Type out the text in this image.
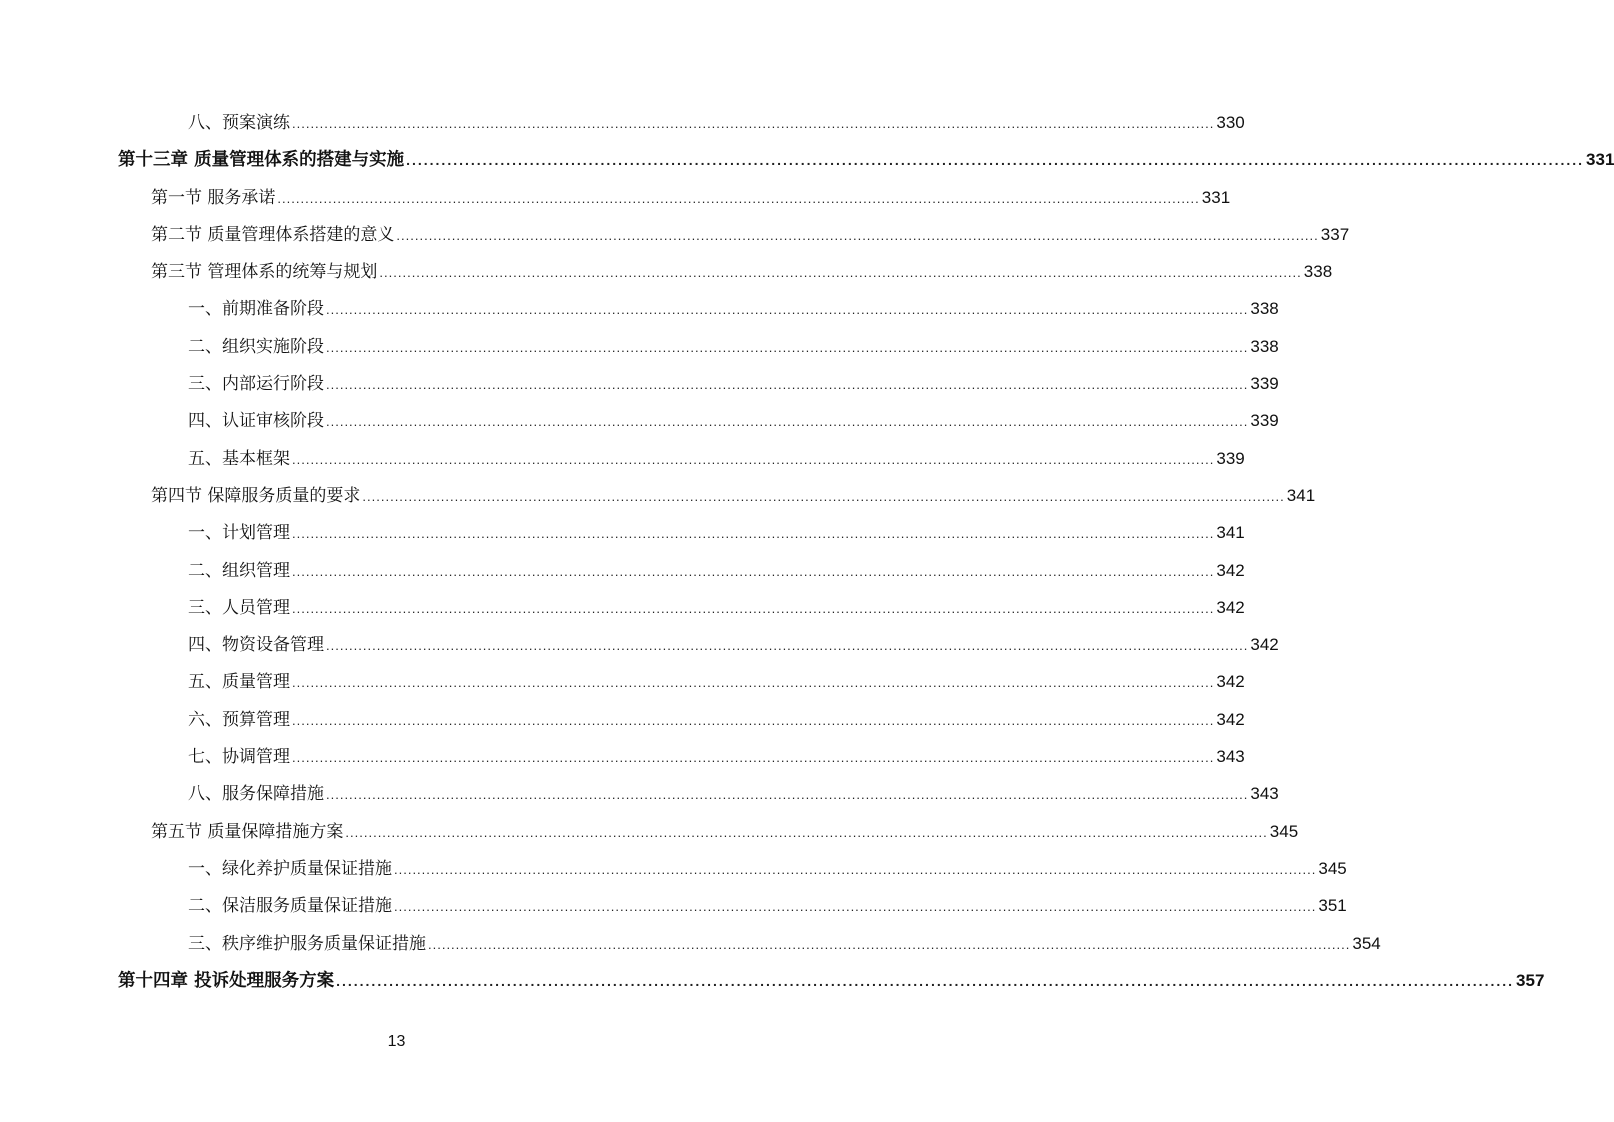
八、预案演练 ........................................................................................................................................................................................................ 330
第十三章 质量管理体系的搭建与实施 ........................................................................................................................................................................................................ 331
第一节 服务承诺 ........................................................................................................................................................................................................ 331
第二节 质量管理体系搭建的意义 ........................................................................................................................................................................................................ 337
第三节 管理体系的统筹与规划 ........................................................................................................................................................................................................ 338
一、前期准备阶段 ........................................................................................................................................................................................................ 338
二、组织实施阶段 ........................................................................................................................................................................................................ 338
三、内部运行阶段 ........................................................................................................................................................................................................ 339
四、认证审核阶段 ........................................................................................................................................................................................................ 339
五、基本框架 ........................................................................................................................................................................................................ 339
第四节 保障服务质量的要求 ........................................................................................................................................................................................................ 341
一、计划管理 ........................................................................................................................................................................................................ 341
二、组织管理 ........................................................................................................................................................................................................ 342
三、人员管理 ........................................................................................................................................................................................................ 342
四、物资设备管理 ........................................................................................................................................................................................................ 342
五、质量管理 ........................................................................................................................................................................................................ 342
六、预算管理 ........................................................................................................................................................................................................ 342
七、协调管理 ........................................................................................................................................................................................................ 343
八、服务保障措施 ........................................................................................................................................................................................................ 343
第五节 质量保障措施方案 ........................................................................................................................................................................................................ 345
一、绿化养护质量保证措施 ........................................................................................................................................................................................................ 345
二、保洁服务质量保证措施 ........................................................................................................................................................................................................ 351
三、秩序维护服务质量保证措施 ........................................................................................................................................................................................................ 354
第十四章 投诉处理服务方案 ........................................................................................................................................................................................................ 357
13
